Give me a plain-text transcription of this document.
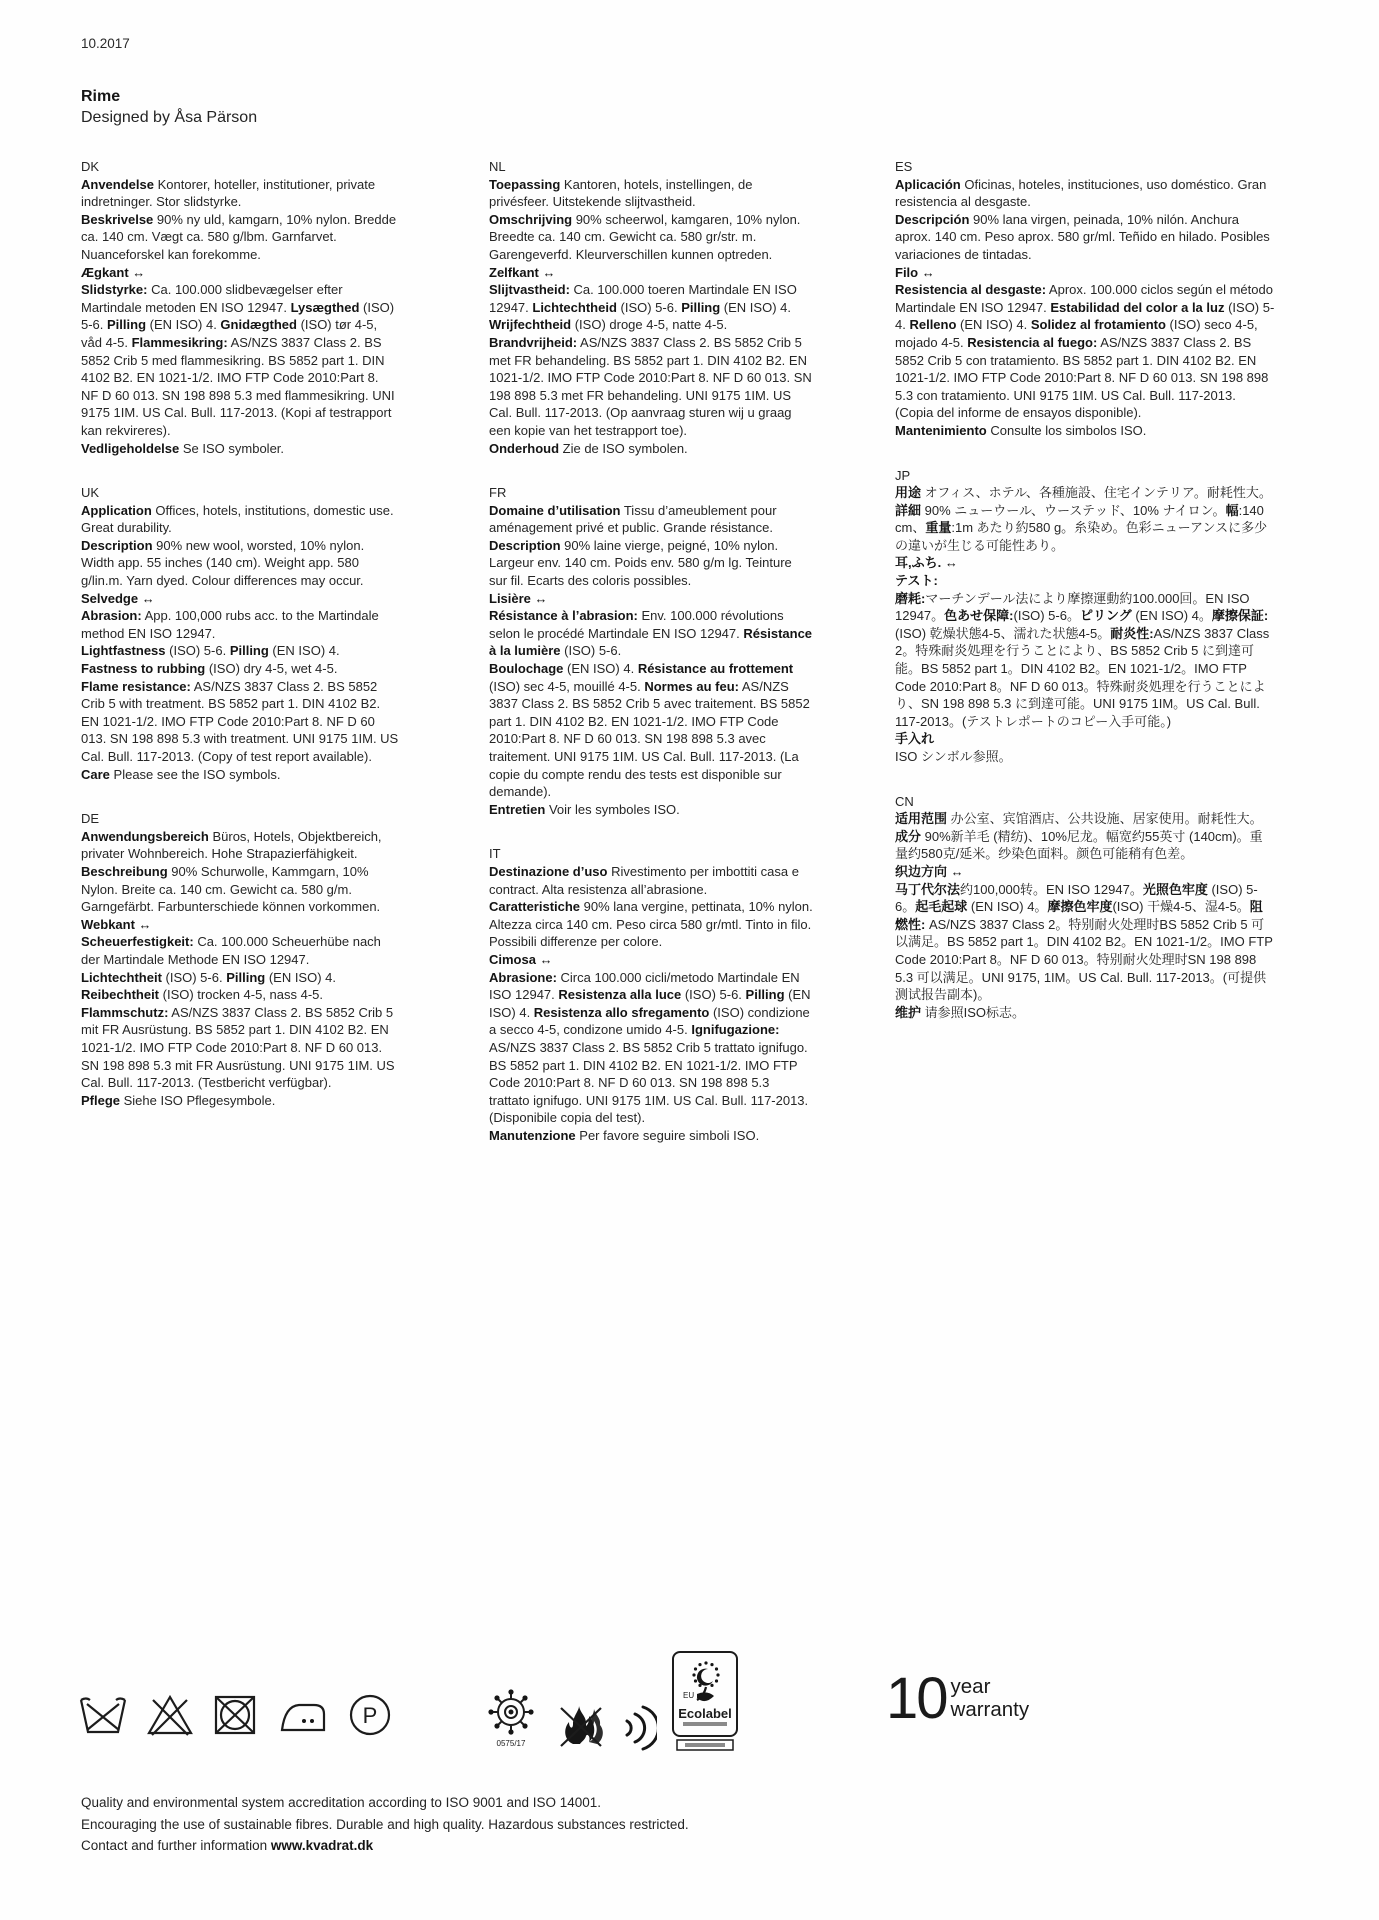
10.2017
Rime
Designed by Åsa Pärson
DK
Anvendelse Kontorer, hoteller, institutioner, private indretninger. Stor slidstyrke.
Beskrivelse 90% ny uld, kamgarn, 10% nylon. Bredde ca. 140 cm. Vægt ca. 580 g/lbm. Garnfarvet. Nuanceforskel kan forekomme.
Ægkant ↔
Slidstyrke: Ca. 100.000 slidbevægelser efter Martindale metoden EN ISO 12947. Lysægthed (ISO) 5-6. Pilling (EN ISO) 4. Gnidægthed (ISO) tør 4-5, våd 4-5. Flammesikring: AS/NZS 3837 Class 2. BS 5852 Crib 5 med flammesikring. BS 5852 part 1. DIN 4102 B2. EN 1021-1/2. IMO FTP Code 2010:Part 8. NF D 60 013. SN 198 898 5.3 med flammesikring. UNI 9175 1IM. US Cal. Bull. 117-2013. (Kopi af testrapport kan rekvireres).
Vedligeholdelse Se ISO symboler.
UK
Application Offices, hotels, institutions, domestic use. Great durability.
Description 90% new wool, worsted, 10% nylon. Width app. 55 inches (140 cm). Weight app. 580 g/lin.m. Yarn dyed. Colour differences may occur.
Selvedge ↔
Abrasion: App. 100,000 rubs acc. to the Martindale method EN ISO 12947.
Lightfastness (ISO) 5-6. Pilling (EN ISO) 4.
Fastness to rubbing (ISO) dry 4-5, wet 4-5.
Flame resistance: AS/NZS 3837 Class 2. BS 5852 Crib 5 with treatment. BS 5852 part 1. DIN 4102 B2. EN 1021-1/2. IMO FTP Code 2010:Part 8. NF D 60 013. SN 198 898 5.3 with treatment. UNI 9175 1IM. US Cal. Bull. 117-2013. (Copy of test report available).
Care Please see the ISO symbols.
DE
Anwendungsbereich Büros, Hotels, Objektbereich, privater Wohnbereich. Hohe Strapazierfähigkeit.
Beschreibung 90% Schurwolle, Kammgarn, 10% Nylon. Breite ca. 140 cm. Gewicht ca. 580 g/m. Garngefärbt. Farbunterschiede können vorkommen.
Webkant ↔
Scheuerfestigkeit: Ca. 100.000 Scheuerhübe nach der Martindale Methode EN ISO 12947.
Lichtechtheit (ISO) 5-6. Pilling (EN ISO) 4.
Reibechtheit (ISO) trocken 4-5, nass 4-5.
Flammschutz: AS/NZS 3837 Class 2. BS 5852 Crib 5 mit FR Ausrüstung. BS 5852 part 1. DIN 4102 B2. EN 1021-1/2. IMO FTP Code 2010:Part 8. NF D 60 013. SN 198 898 5.3 mit FR Ausrüstung. UNI 9175 1IM. US Cal. Bull. 117-2013. (Testbericht verfügbar).
Pflege Siehe ISO Pflegesymbole.
NL
Toepassing Kantoren, hotels, instellingen, de privésfeer. Uitstekende slijtvastheid.
Omschrijving 90% scheerwol, kamgaren, 10% nylon. Breedte ca. 140 cm. Gewicht ca. 580 gr/str. m. Garengeverfd. Kleurverschillen kunnen optreden.
Zelfkant ↔
Slijtvastheid: Ca. 100.000 toeren Martindale EN ISO 12947. Lichtechtheid (ISO) 5-6. Pilling (EN ISO) 4. Wrijfechtheid (ISO) droge 4-5, natte 4-5. Brandvrijheid: AS/NZS 3837 Class 2. BS 5852 Crib 5 met FR behandeling. BS 5852 part 1. DIN 4102 B2. EN 1021-1/2. IMO FTP Code 2010:Part 8. NF D 60 013. SN 198 898 5.3 met FR behandeling. UNI 9175 1IM. US Cal. Bull. 117-2013. (Op aanvraag sturen wij u graag een kopie van het testrapport toe).
Onderhoud Zie de ISO symbolen.
FR
Domaine d’utilisation Tissu d’ameublement pour aménagement privé et public. Grande résistance.
Description 90% laine vierge, peigné, 10% nylon. Largeur env. 140 cm. Poids env. 580 g/m lg. Teinture sur fil. Ecarts des coloris possibles.
Lisière ↔
Résistance à l’abrasion: Env. 100.000 révolutions selon le procédé Martindale EN ISO 12947. Résistance à la lumière (ISO) 5-6.
Boulochage (EN ISO) 4. Résistance au frottement (ISO) sec 4-5, mouillé 4-5. Normes au feu: AS/NZS 3837 Class 2. BS 5852 Crib 5 avec traitement. BS 5852 part 1. DIN 4102 B2. EN 1021-1/2. IMO FTP Code 2010:Part 8. NF D 60 013. SN 198 898 5.3 avec traitement. UNI 9175 1IM. US Cal. Bull. 117-2013. (La copie du compte rendu des tests est disponible sur demande).
Entretien Voir les symboles ISO.
IT
Destinazione d’uso Rivestimento per imbottiti casa e contract. Alta resistenza all’abrasione.
Caratteristiche 90% lana vergine, pettinata, 10% nylon. Altezza circa 140 cm. Peso circa 580 gr/mtl. Tinto in filo. Possibili differenze per colore.
Cimosa ↔
Abrasione: Circa 100.000 cicli/metodo Martindale EN ISO 12947. Resistenza alla luce (ISO) 5-6. Pilling (EN ISO) 4. Resistenza allo sfregamento (ISO) condizione a secco 4-5, condizone umido 4-5. Ignifugazione: AS/NZS 3837 Class 2. BS 5852 Crib 5 trattato ignifugo. BS 5852 part 1. DIN 4102 B2. EN 1021-1/2. IMO FTP Code 2010:Part 8. NF D 60 013. SN 198 898 5.3 trattato ignifugo. UNI 9175 1IM. US Cal. Bull. 117-2013. (Disponibile copia del test).
Manutenzione Per favore seguire simboli ISO.
ES
Aplicación Oficinas, hoteles, instituciones, uso doméstico. Gran resistencia al desgaste.
Descripción 90% lana virgen, peinada, 10% nilón. Anchura aprox. 140 cm. Peso aprox. 580 gr/ml. Teñido en hilado. Posibles variaciones de tintadas.
Filo ↔
Resistencia al desgaste: Aprox. 100.000 ciclos según el método Martindale EN ISO 12947. Estabilidad del color a la luz (ISO) 5-4. Relleno (EN ISO) 4. Solidez al frotamiento (ISO) seco 4-5, mojado 4-5. Resistencia al fuego: AS/NZS 3837 Class 2. BS 5852 Crib 5 con tratamiento. BS 5852 part 1. DIN 4102 B2. EN 1021-1/2. IMO FTP Code 2010:Part 8. NF D 60 013. SN 198 898 5.3 con tratamiento. UNI 9175 1IM. US Cal. Bull. 117-2013. (Copia del informe de ensayos disponible).
Mantenimiento Consulte los simbolos ISO.
JP
用途 オフィス、ホテル、各種施設、住宅インテリア。耐耗性大。
詳細 90% ニューウール、ウーステッド、10% ナイロン。幅:140 cm、重量:1m あたり約580 g。糸染め。色彩ニューアンスに多少の違いが生じる可能性あり。
耳,ふち. ↔
テスト:
磨耗:マーチンデール法により摩擦運動約100.000回。EN ISO 12947。色あせ保障:(ISO) 5-6。ピリング (EN ISO) 4。摩擦保証:(ISO) 乾燥状態4-5、濡れた状態4-5。耐炎性:AS/NZS 3837 Class 2。特殊耐炎処理を行うことにより、BS 5852 Crib 5 に到達可能。BS 5852 part 1。DIN 4102 B2。EN 1021-1/2。IMO FTP Code 2010:Part 8。NF D 60 013。特殊耐炎処理を行うことにより、SN 198 898 5.3 に到達可能。UNI 9175 1IM。US Cal. Bull. 117-2013。(テストレポートのコピー入手可能。)
手入れ
ISO シンボル参照。
CN
适用范围 办公室、宾馆酒店、公共设施、居家使用。耐耗性大。
成分 90%新羊毛 (精纺)、10%尼龙。幅宽约55英寸 (140cm)。重量约580克/延米。纱染色面料。颜色可能稍有色差。
织边方向 ↔
马丁代尔法约100,000转。EN ISO 12947。光照色牢度 (ISO) 5-6。起毛起球 (EN ISO) 4。摩擦色牢度(ISO) 干燥4-5、湿4-5。阻燃性: AS/NZS 3837 Class 2。特别耐火处理时BS 5852 Crib 5 可以满足。BS 5852 part 1。DIN 4102 B2。EN 1021-1/2。IMO FTP Code 2010:Part 8。NF D 60 013。特别耐火处理时SN 198 898 5.3 可以满足。UNI 9175, 1IM。US Cal. Bull. 117-2013。(可提供测试报告副本)。
维护 请参照ISO标志。
P
0575/17
EU
Ecolabel	10 year
warranty
Quality and environmental system accreditation according to ISO 9001 and ISO 14001.
Encouraging the use of sustainable fibres. Durable and high quality. Hazardous substances restricted.
Contact and further information www.kvadrat.dk
